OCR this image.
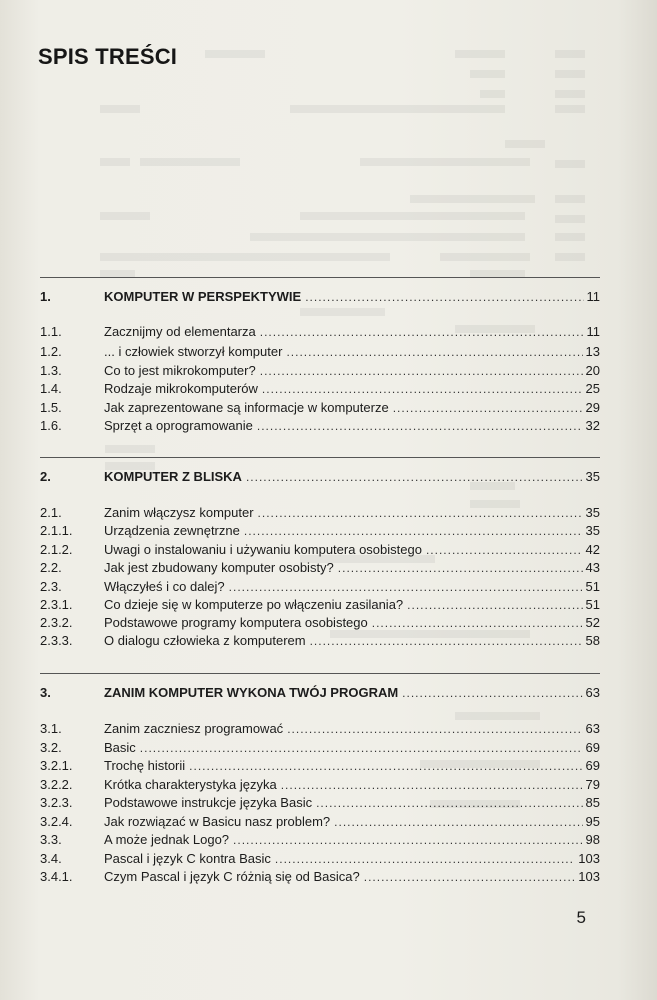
SPIS TREŚCI
1.	KOMPUTER W PERSPEKTYWIE .....	11
1.1.	Zacznijmy od elementarza .....	11
1.2.	... i człowiek stworzył komputer .....	13
1.3.	Co to jest mikrokomputer? .....	20
1.4.	Rodzaje mikrokomputerów .....	25
1.5.	Jak zaprezentowane są informacje w komputerze .....	29
1.6.	Sprzęt a oprogramowanie .....	32
2.	KOMPUTER Z BLISKA .....	35
2.1.	Zanim włączysz komputer .....	35
2.1.1.	Urządzenia zewnętrzne .....	35
2.1.2.	Uwagi o instalowaniu i używaniu komputera osobistego .....	42
2.2.	Jak jest zbudowany komputer osobisty? .....	43
2.3.	Włączyłeś i co dalej? .....	51
2.3.1.	Co dzieje się w komputerze po włączeniu zasilania? .....	51
2.3.2.	Podstawowe programy komputera osobistego .....	52
2.3.3.	O dialogu człowieka z komputerem .....	58
3.	ZANIM KOMPUTER WYKONA TWÓJ PROGRAM .....	63
3.1.	Zanim zaczniesz programować .....	63
3.2.	Basic .....	69
3.2.1.	Trochę historii .....	69
3.2.2.	Krótka charakterystyka języka .....	79
3.2.3.	Podstawowe instrukcje języka Basic .....	85
3.2.4.	Jak rozwiązać w Basicu nasz problem? .....	95
3.3.	A może jednak Logo? .....	98
3.4.	Pascal i język C kontra Basic .....	103
3.4.1.	Czym Pascal i język C różnią się od Basica? .....	103
5
